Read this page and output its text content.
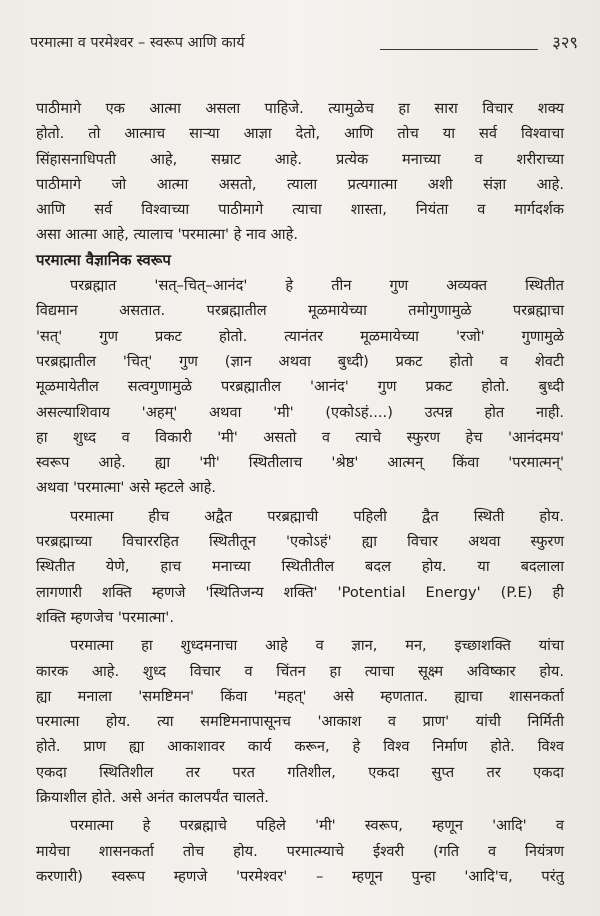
परमात्मा व परमेश्वर – स्वरूप आणि कार्य	३२९
पाठीमागे एक आत्मा असला पाहिजे. त्यामुळेच हा सारा विचार शक्य
होतो. तो आत्माच साऱ्या आज्ञा देतो, आणि तोच या सर्व विश्वाचा
सिंहासनाधिपती आहे, सम्राट आहे. प्रत्येक मनाच्या व शरीराच्या
पाठीमागे जो आत्मा असतो, त्याला प्रत्यगात्मा अशी संज्ञा आहे.
आणि सर्व विश्वाच्या पाठीमागे त्याचा शास्ता, नियंता व मार्गदर्शक
असा आत्मा आहे, त्यालाच 'परमात्मा' हे नाव आहे.
परमात्मा वैज्ञानिक स्वरूप
परब्रह्मात 'सत्–चित्–आनंद' हे तीन गुण अव्यक्त स्थितीत
विद्यमान असतात. परब्रह्मातील मूळमायेच्या तमोगुणामुळे परब्रह्माचा
'सत्' गुण प्रकट होतो. त्यानंतर मूळमायेच्या 'रजो' गुणामुळे
परब्रह्मातील 'चित्' गुण (ज्ञान अथवा बुध्दी) प्रकट होतो व शेवटी
मूळमायेतील सत्वगुणामुळे परब्रह्मातील 'आनंद' गुण प्रकट होतो. बुध्दी
असल्याशिवाय 'अहम्' अथवा 'मी' (एकोऽहं....) उत्पन्न होत नाही.
हा शुध्द व विकारी 'मी' असतो व त्याचे स्फुरण हेच 'आनंदमय'
स्वरूप आहे. ह्या 'मी' स्थितीलाच 'श्रेष्ठ' आत्मन् किंवा 'परमात्मन्'
अथवा 'परमात्मा' असे म्हटले आहे.
परमात्मा हीच अद्वैत परब्रह्माची पहिली द्वैत स्थिती होय.
परब्रह्माच्या विचाररहित स्थितीतून 'एकोऽहं' ह्या विचार अथवा स्फुरण
स्थितीत येणे, हाच मनाच्या स्थितीतील बदल होय. या बदलाला
लागणारी शक्ति म्हणजे 'स्थितिजन्य शक्ति' 'Potential Energy' (P.E) ही
शक्ति म्हणजेच 'परमात्मा'.
परमात्मा हा शुध्दमनाचा आहे व ज्ञान, मन, इच्छाशक्ति यांचा
कारक आहे. शुध्द विचार व चिंतन हा त्याचा सूक्ष्म अविष्कार होय.
ह्या मनाला 'समष्टिमन' किंवा 'महत्' असे म्हणतात. ह्याचा शासनकर्ता
परमात्मा होय. त्या समष्टिमनापासूनच 'आकाश व प्राण' यांची निर्मिती
होते. प्राण ह्या आकाशावर कार्य करून, हे विश्व निर्माण होते. विश्व
एकदा स्थितिशील तर परत गतिशील, एकदा सुप्त तर एकदा
क्रियाशील होते. असे अनंत कालपर्यंत चालते.
परमात्मा हे परब्रह्माचे पहिले 'मी' स्वरूप, म्हणून 'आदि' व
मायेचा शासनकर्ता तोच होय. परमात्म्याचे ईश्वरी (गति व नियंत्रण
करणारी) स्वरूप म्हणजे 'परमेश्वर' – म्हणून पुन्हा 'आदि'च, परंतु
